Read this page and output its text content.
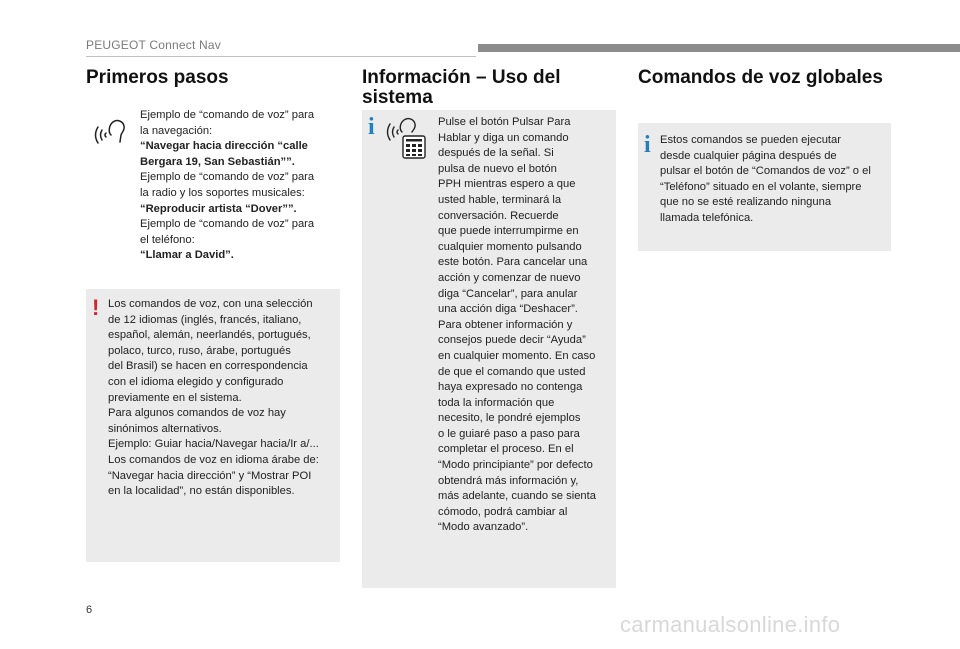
PEUGEOT Connect Nav
Primeros pasos

Ejemplo de “comando de voz” para

la navegación:

“Navegar hacia dirección “calle

Bergara 19, San Sebastián””.

Ejemplo de “comando de voz” para

la radio y los soportes musicales:

“Reproducir artista “Dover””.

Ejemplo de “comando de voz” para

el teléfono:

“Llamar a David”.

! Los comandos de voz, con una selección

de 12 idiomas (inglés, francés, italiano,

español, alemán, neerlandés, portugués,

polaco, turco, ruso, árabe, portugués

del Brasil) se hacen en correspondencia

con el idioma elegido y configurado

previamente en el sistema.

Para algunos comandos de voz hay

sinónimos alternativos.

Ejemplo: Guiar hacia/Navegar hacia/Ir a/...

Los comandos de voz en idioma árabe de:

“Navegar hacia dirección” y “Mostrar POI

en la localidad”, no están disponibles.

Información – Uso del
sistema
i	Pulse el botón Pulsar Para

Hablar y diga un comando

después de la señal. Si

pulsa de nuevo el botón

PPH mientras espero a que

usted hable, terminará la

conversación. Recuerde

que puede interrumpirme en

cualquier momento pulsando

este botón. Para cancelar una

acción y comenzar de nuevo

diga “Cancelar”, para anular

una acción diga “Deshacer”.

Para obtener información y

consejos puede decir “Ayuda”

en cualquier momento. En caso

de que el comando que usted

haya expresado no contenga

toda la información que

necesito, le pondré ejemplos

o le guiaré paso a paso para

completar el proceso. En el

“Modo principiante” por defecto

obtendrá más información y,

más adelante, cuando se sienta

cómodo, podrá cambiar al

“Modo avanzado”.

Comandos de voz globales
i Estos comandos se pueden ejecutar

desde cualquier página después de

pulsar el botón de “Comandos de voz” o el

“Teléfono” situado en el volante, siempre

que no se esté realizando ninguna

llamada telefónica.

6
carmanualsonline.info
